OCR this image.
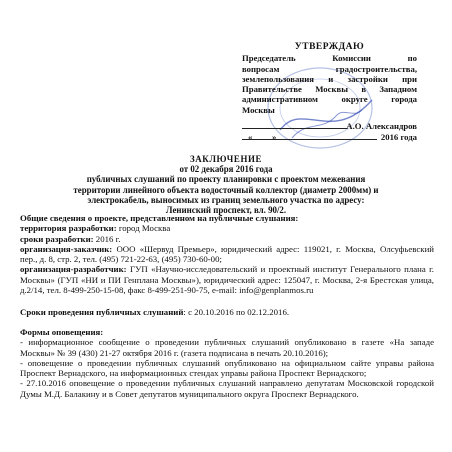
УТВЕРЖДАЮ
Председатель Комиссии по
вопросам градостроительства,
землепользования и застройки при
Правительстве Москвы в Западном
административном округе города
Москвы
А.О. Александров
« »	2016 года
ЗАКЛЮЧЕНИЕ
от 02 декабря 2016 года
публичных слушаний по проекту планировки с проектом межевания
территории линейного объекта водосточный коллектор (диаметр 2000мм) и
электрокабель, выносимых из границ земельного участка по адресу:
Ленинский проспект, вл. 90/2.

Общие сведения о проекте, представленном на публичные слушания:

территория разработки: город Москва

сроки разработки: 2016 г.

организация-заказчик: ООО «Шервуд Премьер», юридический адрес: 119021, г. Москва, Олсуфьевский пер., д. 8, стр. 2, тел. (495) 721-22-63, (495) 730-60-00;

организация-разработчик: ГУП «Научно-исследовательский и проектный институт Генерального плана г. Москвы» (ГУП «НИ и ПИ Генплана Москвы»), юридический адрес: 125047, г. Москва, 2-я Брестская улица, д.2/14, тел. 8-499-250-15-08, факс 8-499-251-90-75, e-mail: info@genplanmos.ru

Сроки проведения публичных слушаний: с 20.10.2016 по 02.12.2016.

Формы оповещения:

- информационное сообщение о проведении публичных слушаний опубликовано в газете «На западе Москвы» № 39 (430) 21-27 октября 2016 г. (газета подписана в печать 20.10.2016);
- оповещение о проведении публичных слушаний опубликовано на официальном сайте управы района Проспект Вернадского, на информационных стендах управы района Проспект Вернадского;
- 27.10.2016 оповещение о проведении публичных слушаний направлено депутатам Московской городской Думы М.Д. Балакину и в Совет депутатов муниципального округа Проспект Вернадского.
